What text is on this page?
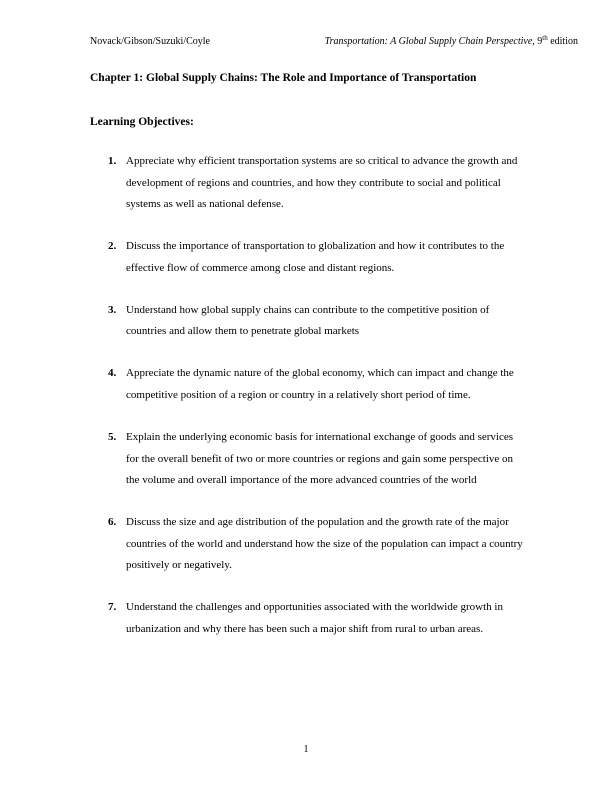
Novack/Gibson/Suzuki/Coyle	Transportation: A Global Supply Chain Perspective, 9th edition
Chapter 1: Global Supply Chains: The Role and Importance of Transportation
Learning Objectives:
1. Appreciate why efficient transportation systems are so critical to advance the growth and development of regions and countries, and how they contribute to social and political systems as well as national defense.
2. Discuss the importance of transportation to globalization and how it contributes to the effective flow of commerce among close and distant regions.
3. Understand how global supply chains can contribute to the competitive position of countries and allow them to penetrate global markets
4. Appreciate the dynamic nature of the global economy, which can impact and change the competitive position of a region or country in a relatively short period of time.
5. Explain the underlying economic basis for international exchange of goods and services for the overall benefit of two or more countries or regions and gain some perspective on the volume and overall importance of the more advanced countries of the world
6. Discuss the size and age distribution of the population and the growth rate of the major countries of the world and understand how the size of the population can impact a country positively or negatively.
7. Understand the challenges and opportunities associated with the worldwide growth in urbanization and why there has been such a major shift from rural to urban areas.
1
